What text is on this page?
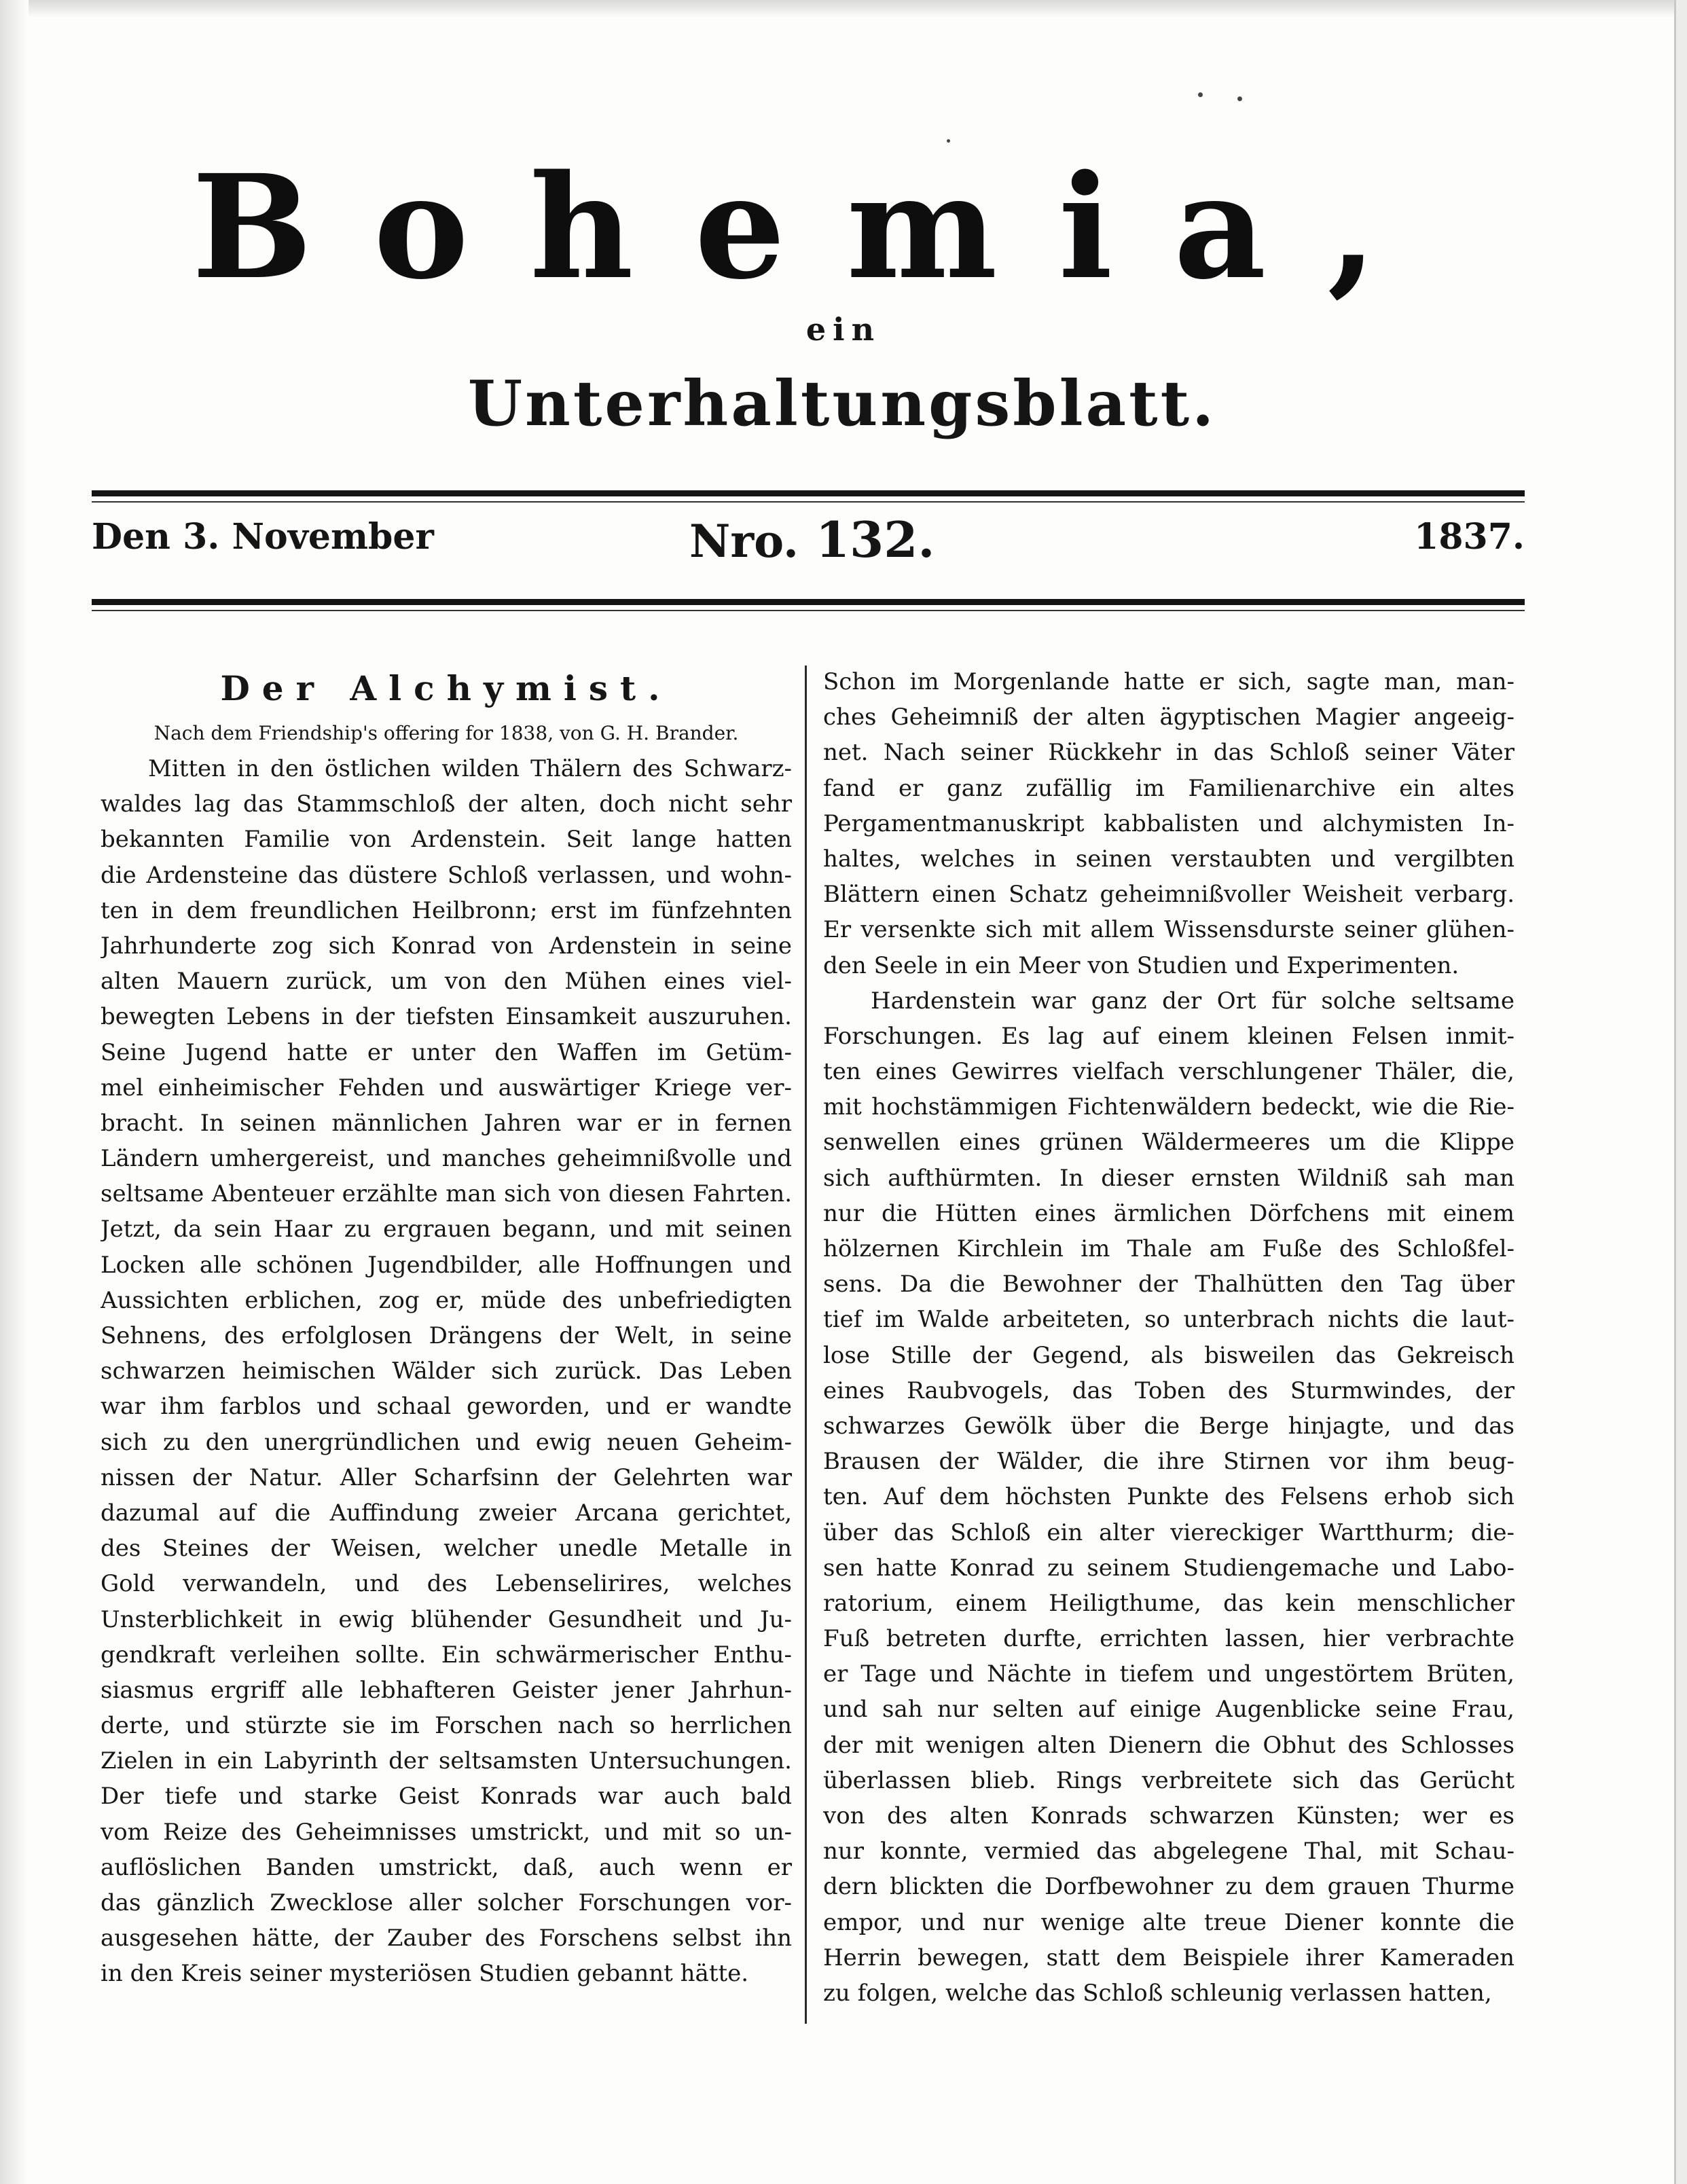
Bohemia,
ein
Unterhaltungsblatt.
Den 3. November	Nro. 132.	1837.
Der Alchymist.
Nach dem Friendship's offering for 1838, von G. H. Brander.
Mitten in den östlichen wilden Thälern des Schwarz-
waldes lag das Stammschloß der alten, doch nicht sehr
bekannten Familie von Ardenstein. Seit lange hatten
die Ardensteine das düstere Schloß verlassen, und wohn-
ten in dem freundlichen Heilbronn; erst im fünfzehnten
Jahrhunderte zog sich Konrad von Ardenstein in seine
alten Mauern zurück, um von den Mühen eines viel-
bewegten Lebens in der tiefsten Einsamkeit auszuruhen.
Seine Jugend hatte er unter den Waffen im Getüm-
mel einheimischer Fehden und auswärtiger Kriege ver-
bracht. In seinen männlichen Jahren war er in fernen
Ländern umhergereist, und manches geheimnißvolle und
seltsame Abenteuer erzählte man sich von diesen Fahrten.
Jetzt, da sein Haar zu ergrauen begann, und mit seinen
Locken alle schönen Jugendbilder, alle Hoffnungen und
Aussichten erblichen, zog er, müde des unbefriedigten
Sehnens, des erfolglosen Drängens der Welt, in seine
schwarzen heimischen Wälder sich zurück. Das Leben
war ihm farblos und schaal geworden, und er wandte
sich zu den unergründlichen und ewig neuen Geheim-
nissen der Natur. Aller Scharfsinn der Gelehrten war
dazumal auf die Auffindung zweier Arcana gerichtet,
des Steines der Weisen, welcher unedle Metalle in
Gold verwandeln, und des Lebenselirires, welches
Unsterblichkeit in ewig blühender Gesundheit und Ju-
gendkraft verleihen sollte. Ein schwärmerischer Enthu-
siasmus ergriff alle lebhafteren Geister jener Jahrhun-
derte, und stürzte sie im Forschen nach so herrlichen
Zielen in ein Labyrinth der seltsamsten Untersuchungen.
Der tiefe und starke Geist Konrads war auch bald
vom Reize des Geheimnisses umstrickt, und mit so un-
auflöslichen Banden umstrickt, daß, auch wenn er
das gänzlich Zwecklose aller solcher Forschungen vor-
ausgesehen hätte, der Zauber des Forschens selbst ihn
in den Kreis seiner mysteriösen Studien gebannt hätte.
Schon im Morgenlande hatte er sich, sagte man, man-
ches Geheimniß der alten ägyptischen Magier angeeig-
net. Nach seiner Rückkehr in das Schloß seiner Väter
fand er ganz zufällig im Familienarchive ein altes
Pergamentmanuskript kabbalisten und alchymisten In-
haltes, welches in seinen verstaubten und vergilbten
Blättern einen Schatz geheimnißvoller Weisheit verbarg.
Er versenkte sich mit allem Wissensdurste seiner glühen-
den Seele in ein Meer von Studien und Experimenten.
Hardenstein war ganz der Ort für solche seltsame
Forschungen. Es lag auf einem kleinen Felsen inmit-
ten eines Gewirres vielfach verschlungener Thäler, die,
mit hochstämmigen Fichtenwäldern bedeckt, wie die Rie-
senwellen eines grünen Wäldermeeres um die Klippe
sich aufthürmten. In dieser ernsten Wildniß sah man
nur die Hütten eines ärmlichen Dörfchens mit einem
hölzernen Kirchlein im Thale am Fuße des Schloßfel-
sens. Da die Bewohner der Thalhütten den Tag über
tief im Walde arbeiteten, so unterbrach nichts die laut-
lose Stille der Gegend, als bisweilen das Gekreisch
eines Raubvogels, das Toben des Sturmwindes, der
schwarzes Gewölk über die Berge hinjagte, und das
Brausen der Wälder, die ihre Stirnen vor ihm beug-
ten. Auf dem höchsten Punkte des Felsens erhob sich
über das Schloß ein alter viereckiger Wartthurm; die-
sen hatte Konrad zu seinem Studiengemache und Labo-
ratorium, einem Heiligthume, das kein menschlicher
Fuß betreten durfte, errichten lassen, hier verbrachte
er Tage und Nächte in tiefem und ungestörtem Brüten,
und sah nur selten auf einige Augenblicke seine Frau,
der mit wenigen alten Dienern die Obhut des Schlosses
überlassen blieb. Rings verbreitete sich das Gerücht
von des alten Konrads schwarzen Künsten; wer es
nur konnte, vermied das abgelegene Thal, mit Schau-
dern blickten die Dorfbewohner zu dem grauen Thurme
empor, und nur wenige alte treue Diener konnte die
Herrin bewegen, statt dem Beispiele ihrer Kameraden
zu folgen, welche das Schloß schleunig verlassen hatten,
